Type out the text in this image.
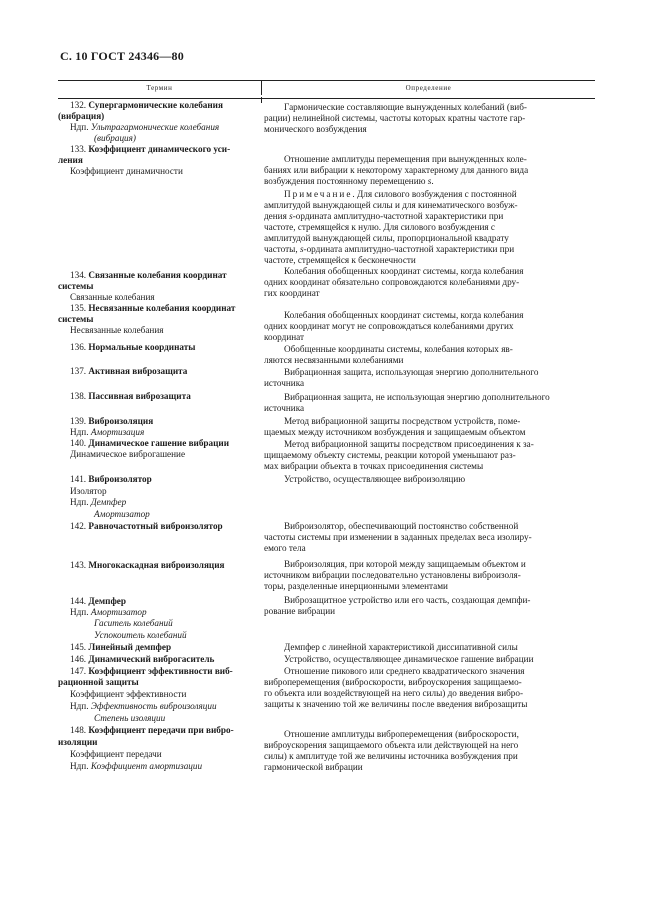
С. 10 ГОСТ 24346—80
Термин	Определение
132. Супергармонические колебания
(вибрация)
Ндп. Ультрагармонические колебания
(вибрация)
133. Коэффициент динамического уси-
ления
Коэффициент динамичности
134. Связанные колебания координат
системы
Связанные колебания
135. Несвязанные колебания координат
системы
Несвязанные колебания
136. Нормальные координаты
137. Активная виброзащита
138. Пассивная виброзащита
139. Виброизоляция
Ндп. Амортизация
140. Динамическое гашение вибрации
Динамическое виброгашение
141. Виброизолятор
Изолятор
Ндп. Демпфер
Амортизатор
142. Равночастотный виброизолятор
143. Многокаскадная виброизоляция
144. Демпфер
Ндп. Амортизатор
Гаситель колебаний
Успокоитель колебаний
145. Линейный демпфер
146. Динамический виброгаситель
147. Коэффициент эффективности виб-
рационной защиты
Коэффициент эффективности
Ндп. Эффективность виброизоляции
Степень изоляции
148. Коэффициент передачи при вибро-
изоляции
Коэффициент передачи
Ндп. Коэффициент амортизации
Гармонические составляющие вынужденных колебаний (виб-
рации) нелинейной системы, частоты которых кратны частоте гар-
монического возбуждения
Отношение амплитуды перемещения при вынужденных коле-
баниях или вибрации к некоторому характерному для данного вида
возбуждения постоянному перемещению s.
Примечание. Для силового возбуждения с постоянной
амплитудой вынуждающей силы и для кинематического возбуж-
дения s-ордината амплитудно-частотной характеристики при
частоте, стремящейся к нулю. Для силового возбуждения с
амплитудой вынуждающей силы, пропорциональной квадрату
частоты, s-ордината амплитудно-частотной характеристики при
частоте, стремящейся к бесконечности
Колебания обобщенных координат системы, когда колебания
одних координат обязательно сопровождаются колебаниями дру-
гих координат
Колебания обобщенных координат системы, когда колебания
одних координат могут не сопровождаться колебаниями других
координат
Обобщенные координаты системы, колебания которых яв-
ляются несвязанными колебаниями
Вибрационная защита, использующая энергию дополнительного
источника
Вибрационная защита, не использующая энергию дополнительного
источника
Метод вибрационной защиты посредством устройств, поме-
щаемых между источником возбуждения и защищаемым объектом
Метод вибрационной защиты посредством присоединения к за-
щищаемому объекту системы, реакции которой уменьшают раз-
мах вибрации объекта в точках присоединения системы
Устройство, осуществляющее виброизоляцию
Виброизолятор, обеспечивающий постоянство собственной
частоты системы при изменении в заданных пределах веса изолиру-
емого тела
Виброизоляция, при которой между защищаемым объектом и
источником вибрации последовательно установлены виброизоля-
торы, разделенные инерционными элементами
Виброзащитное устройство или его часть, создающая демпфи-
рование вибрации
Демпфер с линейной характеристикой диссипативной силы
Устройство, осуществляющее динамическое гашение вибрации
Отношение пикового или среднего квадратического значения
виброперемещения (виброскорости, виброускорения защищаемо-
го объекта или воздействующей на него силы) до введения вибро-
защиты к значению той же величины после введения виброзащиты
Отношение амплитуды виброперемещения (виброскорости,
виброускорения защищаемого объекта или действующей на него
силы) к амплитуде той же величины источника возбуждения при
гармонической вибрации
